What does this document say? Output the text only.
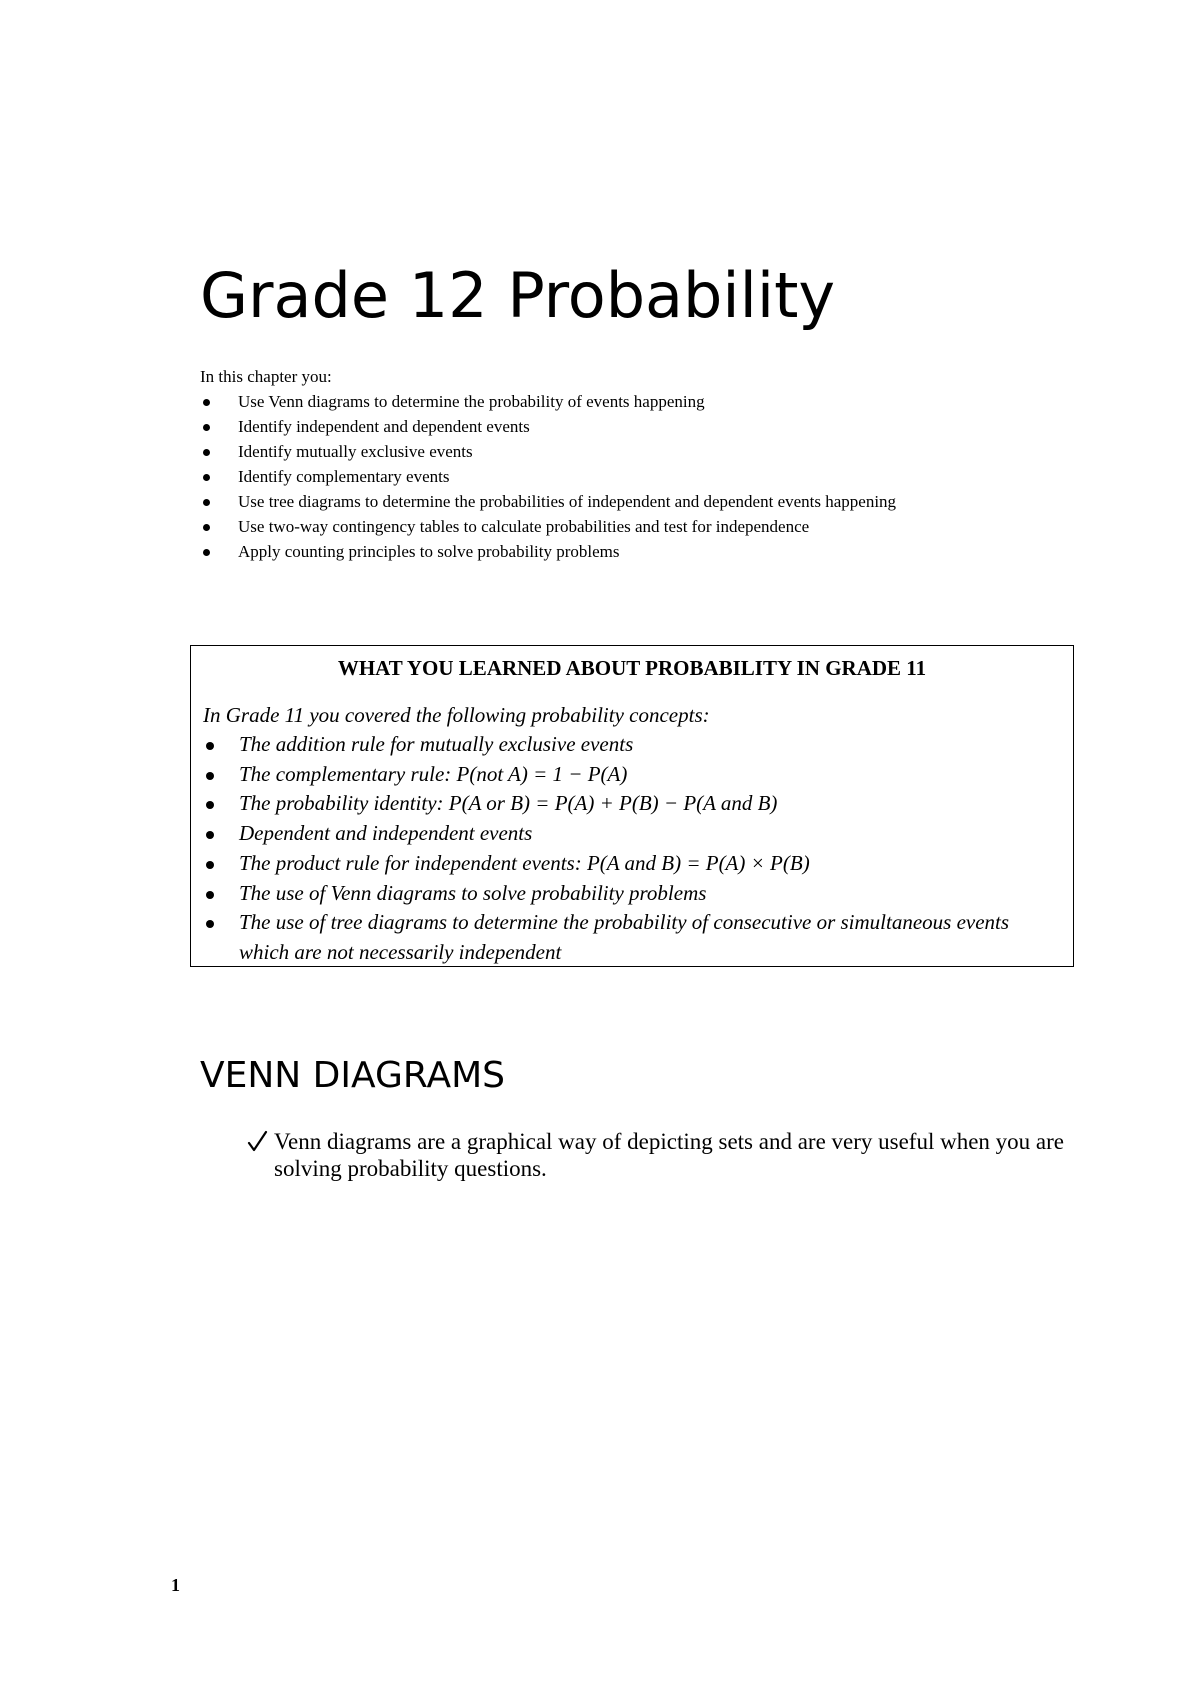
Grade 12 Probability
In this chapter you:
Use Venn diagrams to determine the probability of events happening
Identify independent and dependent events
Identify mutually exclusive events
Identify complementary events
Use tree diagrams to determine the probabilities of independent and dependent events happening
Use two-way contingency tables to calculate probabilities and test for independence
Apply counting principles to solve probability problems
WHAT YOU LEARNED ABOUT PROBABILITY IN GRADE 11
In Grade 11 you covered the following probability concepts:
The addition rule for mutually exclusive events
The complementary rule: P(not A) = 1 − P(A)
The probability identity: P(A or B) = P(A) + P(B) − P(A and B)
Dependent and independent events
The product rule for independent events: P(A and B) = P(A) × P(B)
The use of Venn diagrams to solve probability problems
The use of tree diagrams to determine the probability of consecutive or simultaneous events which are not necessarily independent
VENN DIAGRAMS
Venn diagrams are a graphical way of depicting sets and are very useful when you are solving probability questions.
1
